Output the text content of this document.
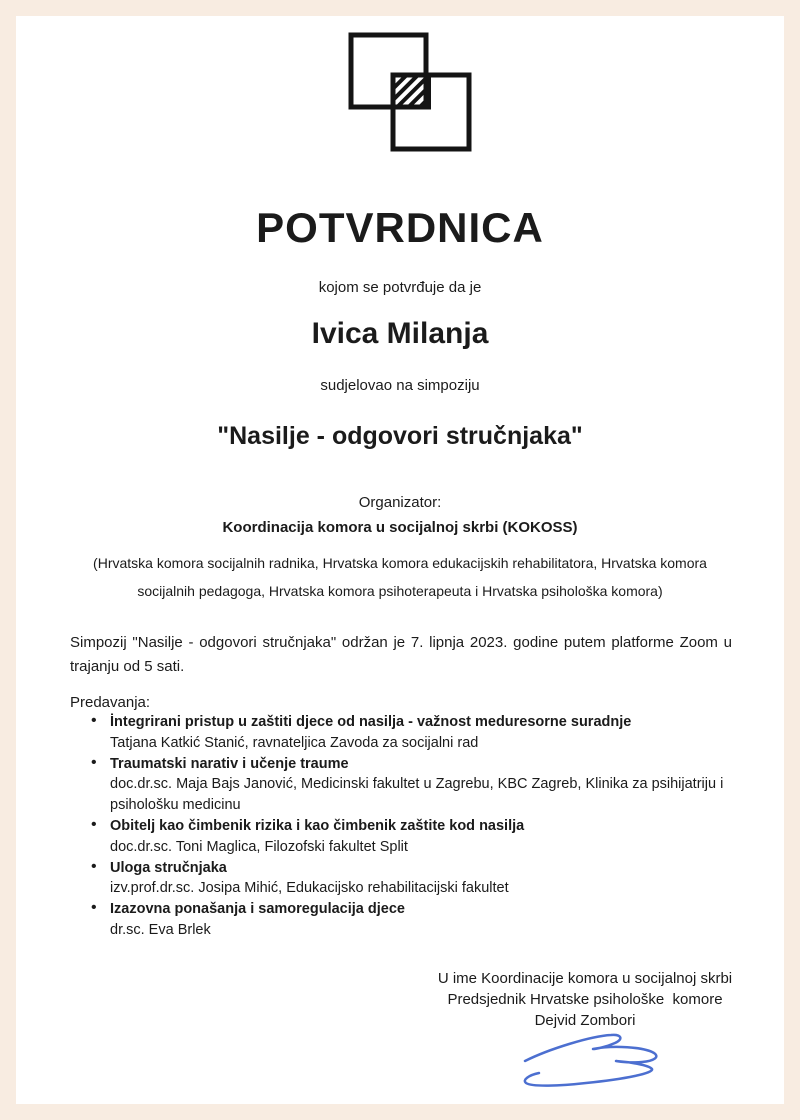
POTVRDNICA

kojom se potvrđuje da je

Ivica Milanja

sudjelovao na simpoziju

"Nasilje - odgovori stručnjaka"

Organizator:

Koordinacija komora u socijalnoj skrbi (KOKOSS)

(Hrvatska komora socijalnih radnika, Hrvatska komora edukacijskih rehabilitatora, Hrvatska komora socijalnih pedagoga, Hrvatska komora psihoterapeuta i Hrvatska psihološka komora)

Simpozij "Nasilje - odgovori stručnjaka" održan je 7. lipnja 2023. godine putem platforme Zoom u trajanju od 5 sati.

Predavanja:

• İntegrirani pristup u zaštiti djece od nasilja - važnost meduresorne suradnje
Tatjana Katkić Stanić, ravnateljica Zavoda za socijalni rad
• Traumatski narativ i učenje traume
doc.dr.sc. Maja Bajs Janović, Medicinski fakultet u Zagrebu, KBC Zagreb, Klinika za psihijatriju i psihološku medicinu
• Obitelj kao čimbenik rizika i kao čimbenik zaštite kod nasilja
doc.dr.sc. Toni Maglica, Filozofski fakultet Split
• Uloga stručnjaka
izv.prof.dr.sc. Josipa Mihić, Edukacijsko rehabilitacijski fakultet
• Izazovna ponašanja i samoregulacija djece
dr.sc. Eva Brlek

U ime Koordinacije komora u socijalnoj skrbi

Predsjednik Hrvatske psihološke  komore

Dejvid Zombori
